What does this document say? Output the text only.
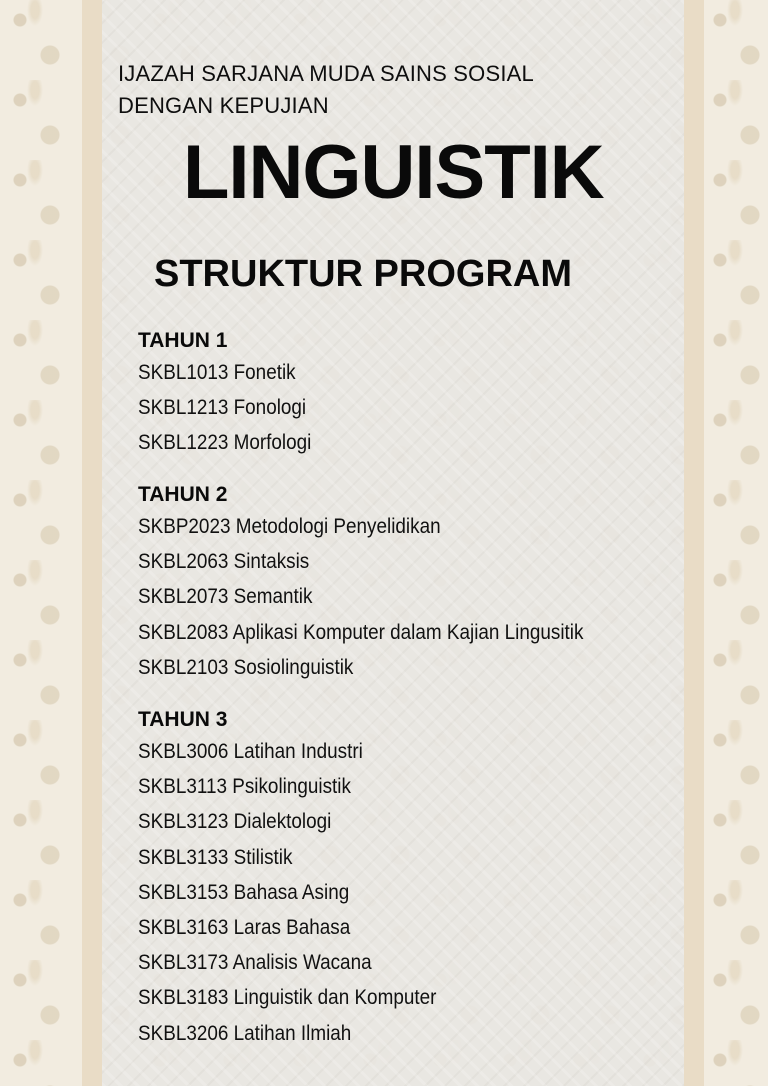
IJAZAH SARJANA MUDA SAINS SOSIAL
DENGAN KEPUJIAN
LINGUISTIK
STRUKTUR PROGRAM
TAHUN 1
SKBL1013 Fonetik
SKBL1213 Fonologi
SKBL1223 Morfologi
TAHUN 2
SKBP2023 Metodologi Penyelidikan
SKBL2063 Sintaksis
SKBL2073 Semantik
SKBL2083 Aplikasi Komputer dalam Kajian Lingusitik
SKBL2103 Sosiolinguistik
TAHUN 3
SKBL3006 Latihan Industri
SKBL3113 Psikolinguistik
SKBL3123 Dialektologi
SKBL3133 Stilistik
SKBL3153 Bahasa Asing
SKBL3163 Laras Bahasa
SKBL3173 Analisis Wacana
SKBL3183 Linguistik dan Komputer
SKBL3206 Latihan Ilmiah
